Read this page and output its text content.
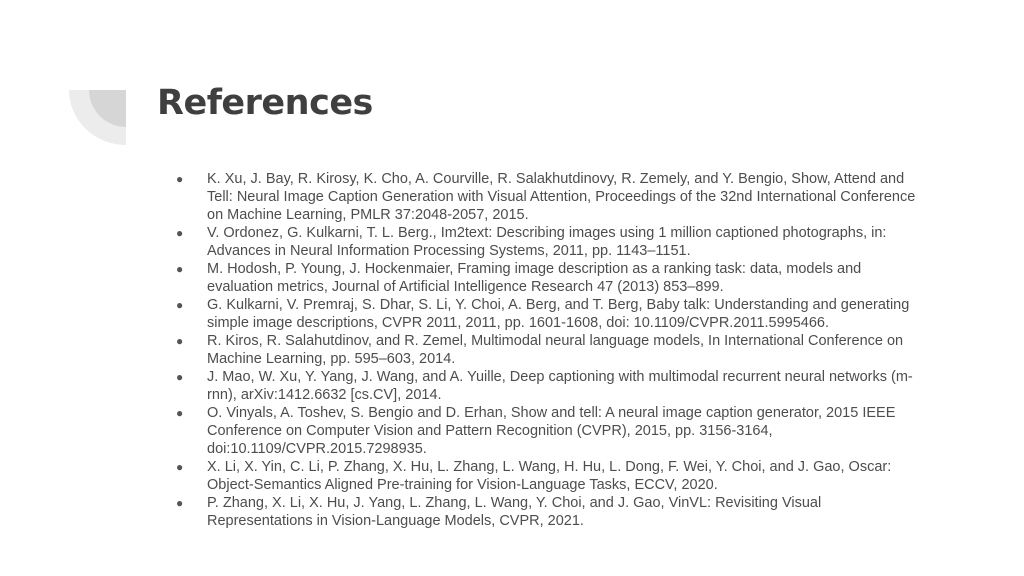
References
●	K. Xu, J. Bay, R. Kirosy, K. Cho, A. Courville, R. Salakhutdinovy, R. Zemely, and Y. Bengio, Show, Attend and Tell: Neural Image Caption Generation with Visual Attention, Proceedings of the 32nd International Conference on Machine Learning, PMLR 37:2048-2057, 2015.
●	V. Ordonez, G. Kulkarni, T. L. Berg., Im2text: Describing images using 1 million captioned photographs, in: Advances in Neural Information Processing Systems, 2011, pp. 1143–1151.
●	M. Hodosh, P. Young, J. Hockenmaier, Framing image description as a ranking task: data, models and evaluation metrics, Journal of Artificial Intelligence Research 47 (2013) 853–899.
●	G. Kulkarni, V. Premraj, S. Dhar, S. Li, Y. Choi, A. Berg, and T. Berg, Baby talk: Understanding and generating simple image descriptions, CVPR 2011, 2011, pp. 1601-1608, doi: 10.1109/CVPR.2011.5995466.
●	R. Kiros, R. Salahutdinov, and R. Zemel, Multimodal neural language models, In International Conference on Machine Learning, pp. 595–603, 2014.
●	J. Mao, W. Xu, Y. Yang, J. Wang, and A. Yuille, Deep captioning with multimodal recurrent neural networks (m-rnn), arXiv:1412.6632 [cs.CV], 2014.
●	O. Vinyals, A. Toshev, S. Bengio and D. Erhan, Show and tell: A neural image caption generator, 2015 IEEE Conference on Computer Vision and Pattern Recognition (CVPR), 2015, pp. 3156-3164, doi:10.1109/CVPR.2015.7298935.
●	X. Li, X. Yin, C. Li, P. Zhang, X. Hu, L. Zhang, L. Wang, H. Hu, L. Dong, F. Wei, Y. Choi, and J. Gao, Oscar: Object-Semantics Aligned Pre-training for Vision-Language Tasks, ECCV, 2020.
●	P. Zhang, X. Li, X. Hu, J. Yang, L. Zhang, L. Wang, Y. Choi, and J. Gao, VinVL: Revisiting Visual Representations in Vision-Language Models, CVPR, 2021.
